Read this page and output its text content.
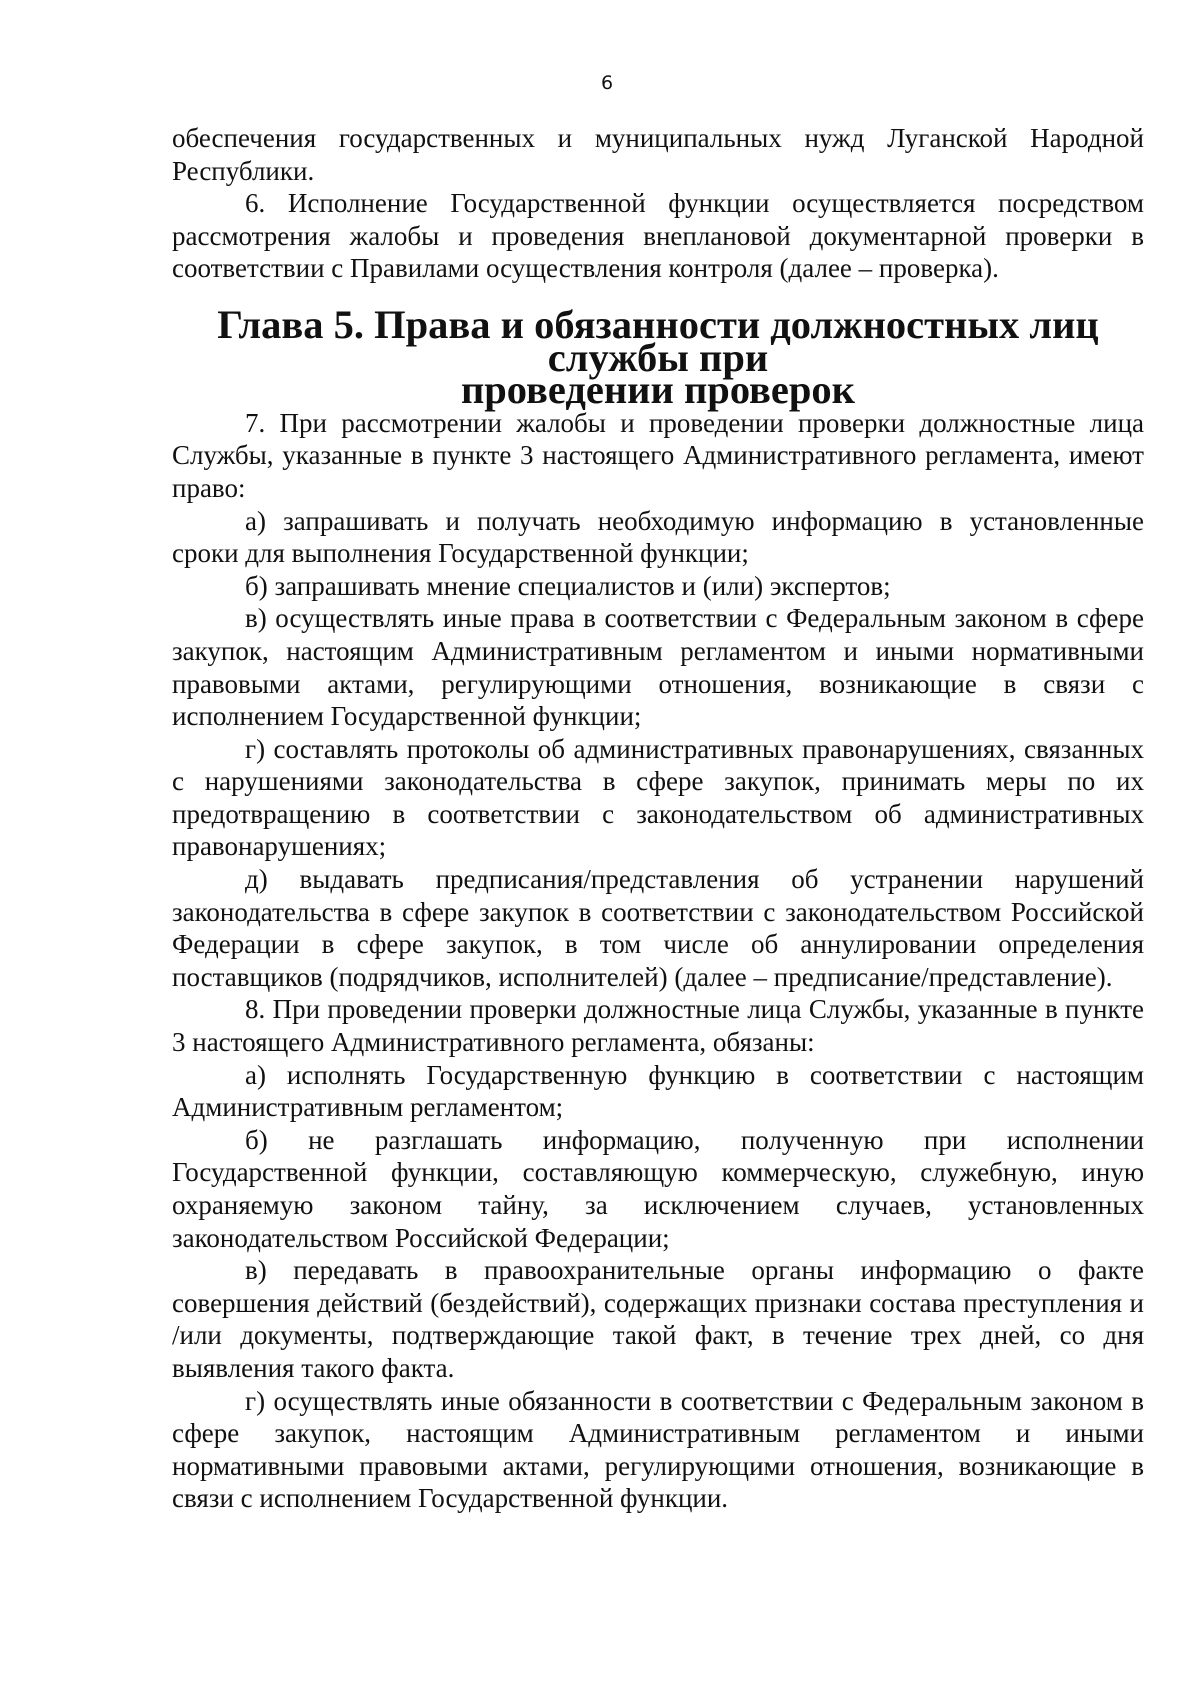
6

обеспечения государственных и муниципальных нужд Луганской Народной Республики.

6. Исполнение Государственной функции осуществляется посредством рассмотрения жалобы и проведения внеплановой документарной проверки в соответствии с Правилами осуществления контроля (далее – проверка).

Глава 5. Права и обязанности должностных лиц службы при
проведении проверок

7. При рассмотрении жалобы и проведении проверки должностные лица Службы, указанные в пункте 3 настоящего Административного регламента, имеют право:

а) запрашивать и получать необходимую информацию в установленные сроки для выполнения Государственной функции;

б) запрашивать мнение специалистов и (или) экспертов;

в) осуществлять иные права в соответствии с Федеральным законом в сфере закупок, настоящим Административным регламентом и иными нормативными правовыми актами, регулирующими отношения, возникающие в связи с исполнением Государственной функции;

г) составлять протоколы об административных правонарушениях, связанных с нарушениями законодательства в сфере закупок, принимать меры по их предотвращению в соответствии с законодательством об административных правонарушениях;

д) выдавать предписания/представления об устранении нарушений законодательства в сфере закупок в соответствии с законодательством Российской Федерации в сфере закупок, в том числе об аннулировании определения поставщиков (подрядчиков, исполнителей) (далее – предписание/представление).

8. При проведении проверки должностные лица Службы, указанные в пункте 3 настоящего Административного регламента, обязаны:

а) исполнять Государственную функцию в соответствии с настоящим Административным регламентом;

б) не разглашать информацию, полученную при исполнении Государственной функции, составляющую коммерческую, служебную, иную охраняемую законом тайну, за исключением случаев, установленных законодательством Российской Федерации;

в) передавать в правоохранительные органы информацию о факте совершения действий (бездействий), содержащих признаки состава преступления и /или документы, подтверждающие такой факт, в течение трех дней, со дня выявления такого факта.

г) осуществлять иные обязанности в соответствии с Федеральным законом в сфере закупок, настоящим Административным регламентом и иными нормативными правовыми актами, регулирующими отношения, возникающие в связи с исполнением Государственной функции.
